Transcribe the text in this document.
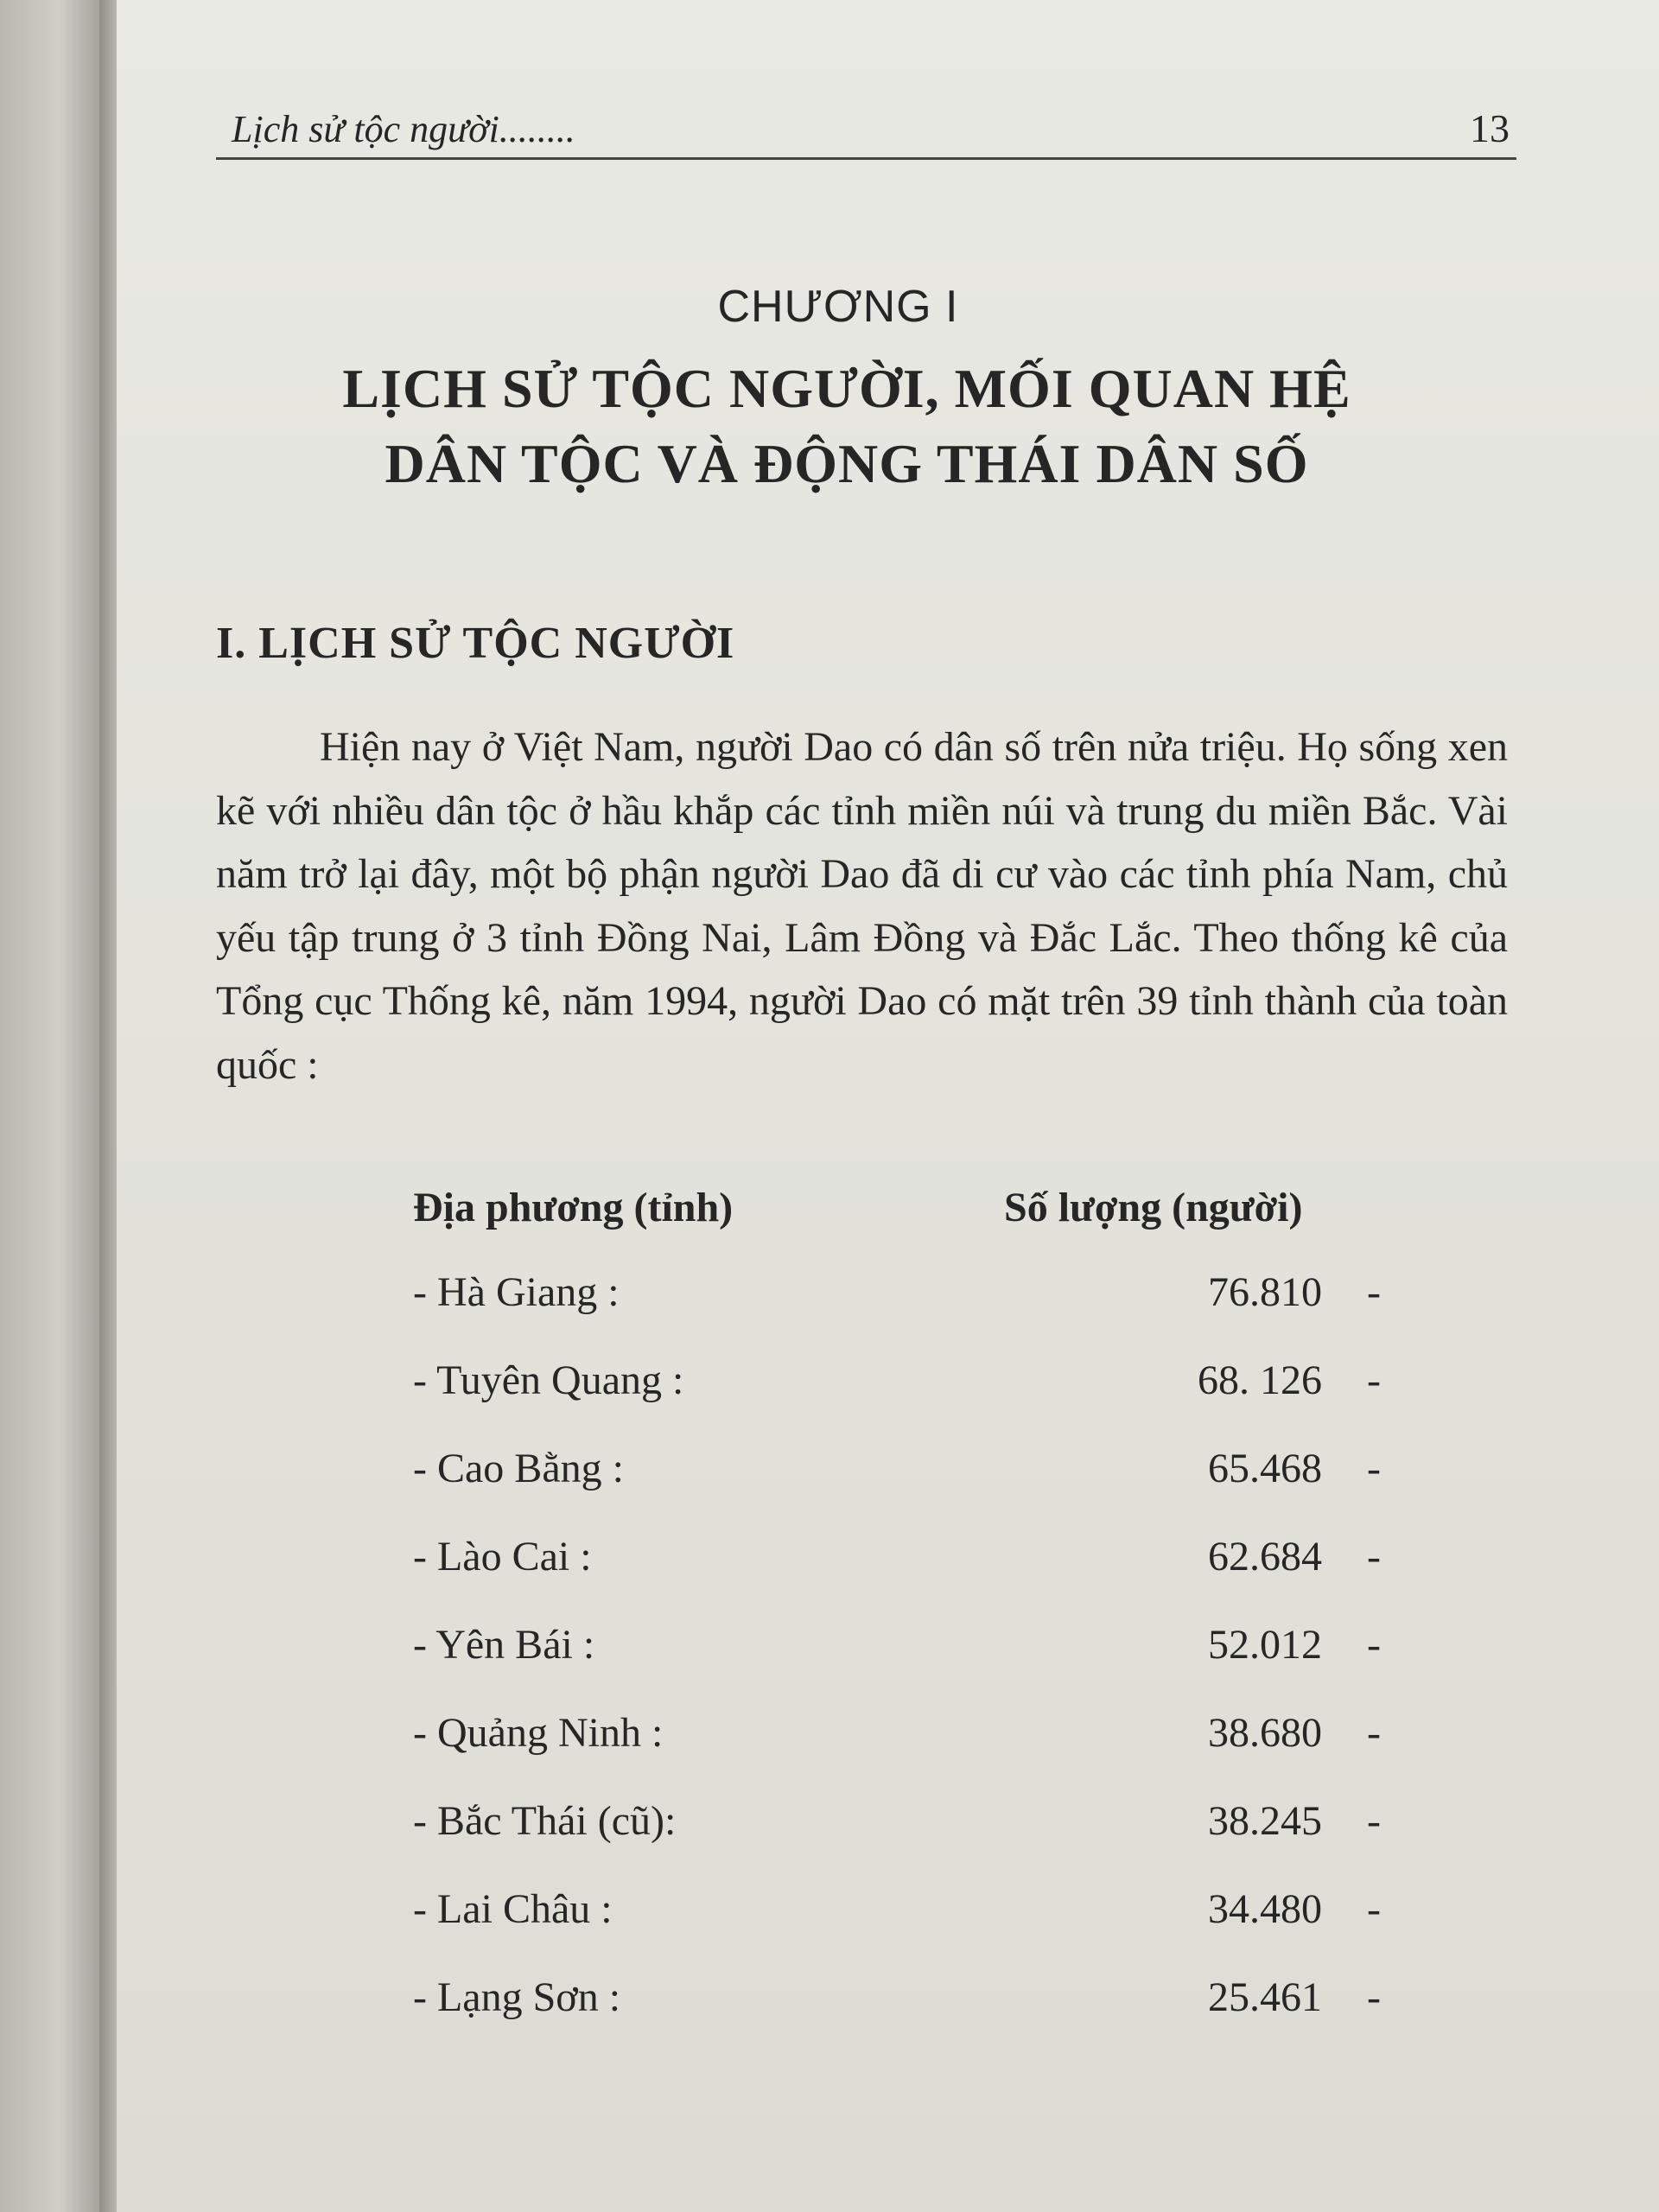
Lịch sử tộc người........	13
CHƯƠNG I
LỊCH SỬ TỘC NGƯỜI, MỐI QUAN HỆ
DÂN TỘC VÀ ĐỘNG THÁI DÂN SỐ
I. LỊCH SỬ TỘC NGƯỜI

Hiện nay ở Việt Nam, người Dao có dân số trên nửa triệu. Họ sống xen kẽ với nhiều dân tộc ở hầu khắp các tỉnh miền núi và trung du miền Bắc. Vài năm trở lại đây, một bộ phận người Dao đã di cư vào các tỉnh phía Nam, chủ yếu tập trung ở 3 tỉnh Đồng Nai, Lâm Đồng và Đắc Lắc. Theo thống kê của Tổng cục Thống kê, năm 1994, người Dao có mặt trên 39 tỉnh thành của toàn quốc :

Địa phương (tỉnh)	Số lượng (người)
- Hà Giang :	76.810 -
- Tuyên Quang :	68. 126 -
- Cao Bằng :	65.468 -
- Lào Cai :	62.684 -
- Yên Bái :	52.012 -
- Quảng Ninh :	38.680 -
- Bắc Thái (cũ):	38.245 -
- Lai Châu :	34.480 -
- Lạng Sơn :	25.461 -
